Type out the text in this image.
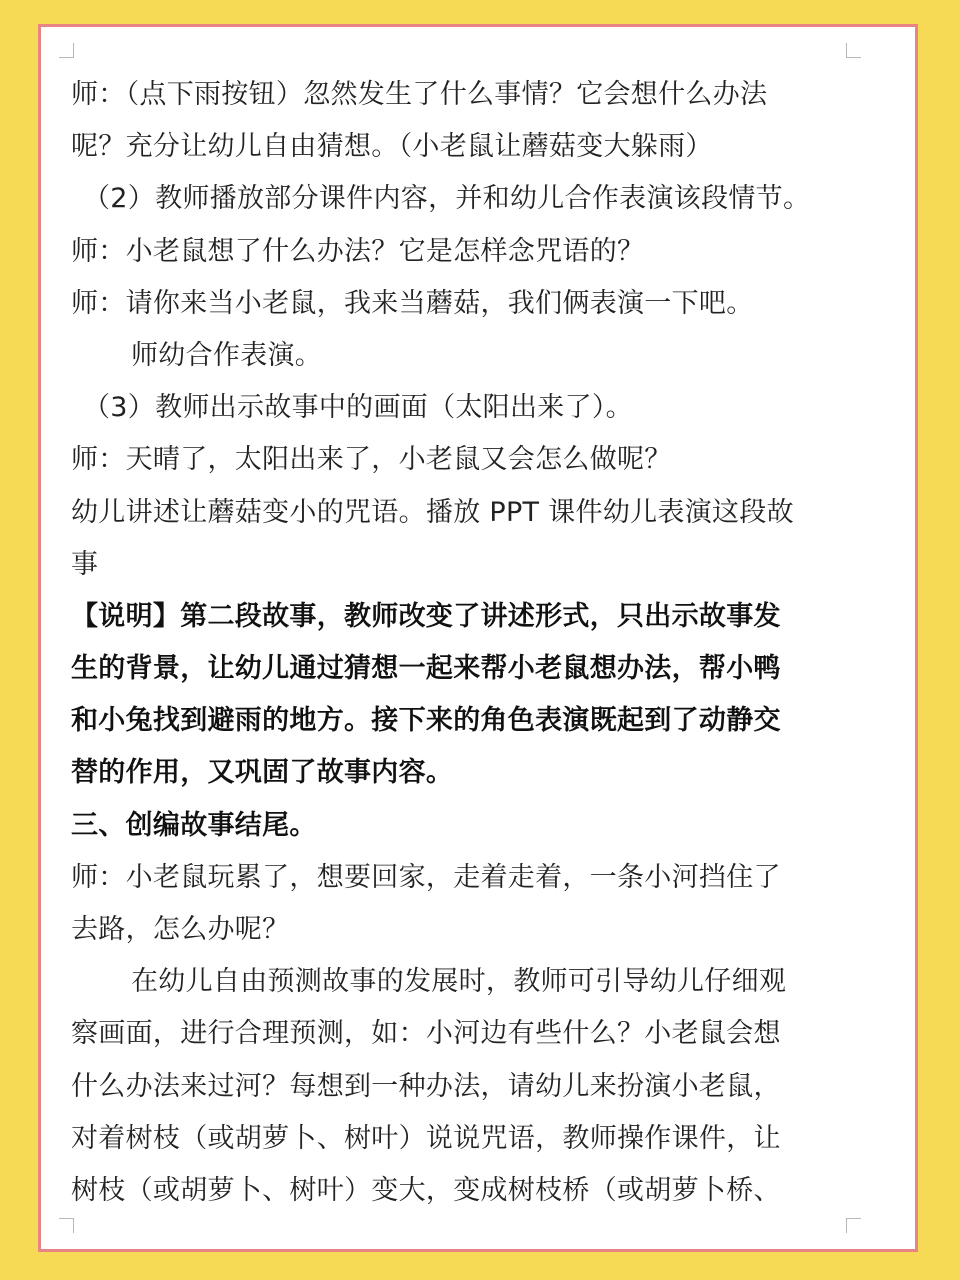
师：（点下雨按钮）忽然发生了什么事情？它会想什么办法
呢？充分让幼儿自由猜想。（小老鼠让蘑菇变大躲雨）
（2）教师播放部分课件内容，并和幼儿合作表演该段情节。
师：小老鼠想了什么办法？它是怎样念咒语的？
师：请你来当小老鼠，我来当蘑菇，我们俩表演一下吧。
师幼合作表演。
（3）教师出示故事中的画面（太阳出来了）。
师：天晴了，太阳出来了，小老鼠又会怎么做呢？
幼儿讲述让蘑菇变小的咒语。播放 PPT 课件幼儿表演这段故
事
【说明】第二段故事，教师改变了讲述形式，只出示故事发
生的背景，让幼儿通过猜想一起来帮小老鼠想办法，帮小鸭
和小兔找到避雨的地方。接下来的角色表演既起到了动静交
替的作用，又巩固了故事内容。
三、创编故事结尾。
师：小老鼠玩累了，想要回家，走着走着，一条小河挡住了
去路，怎么办呢？
在幼儿自由预测故事的发展时，教师可引导幼儿仔细观
察画面，进行合理预测，如：小河边有些什么？小老鼠会想
什么办法来过河？每想到一种办法，请幼儿来扮演小老鼠，
对着树枝（或胡萝卜、树叶）说说咒语，教师操作课件，让
树枝（或胡萝卜、树叶）变大，变成树枝桥（或胡萝卜桥、
